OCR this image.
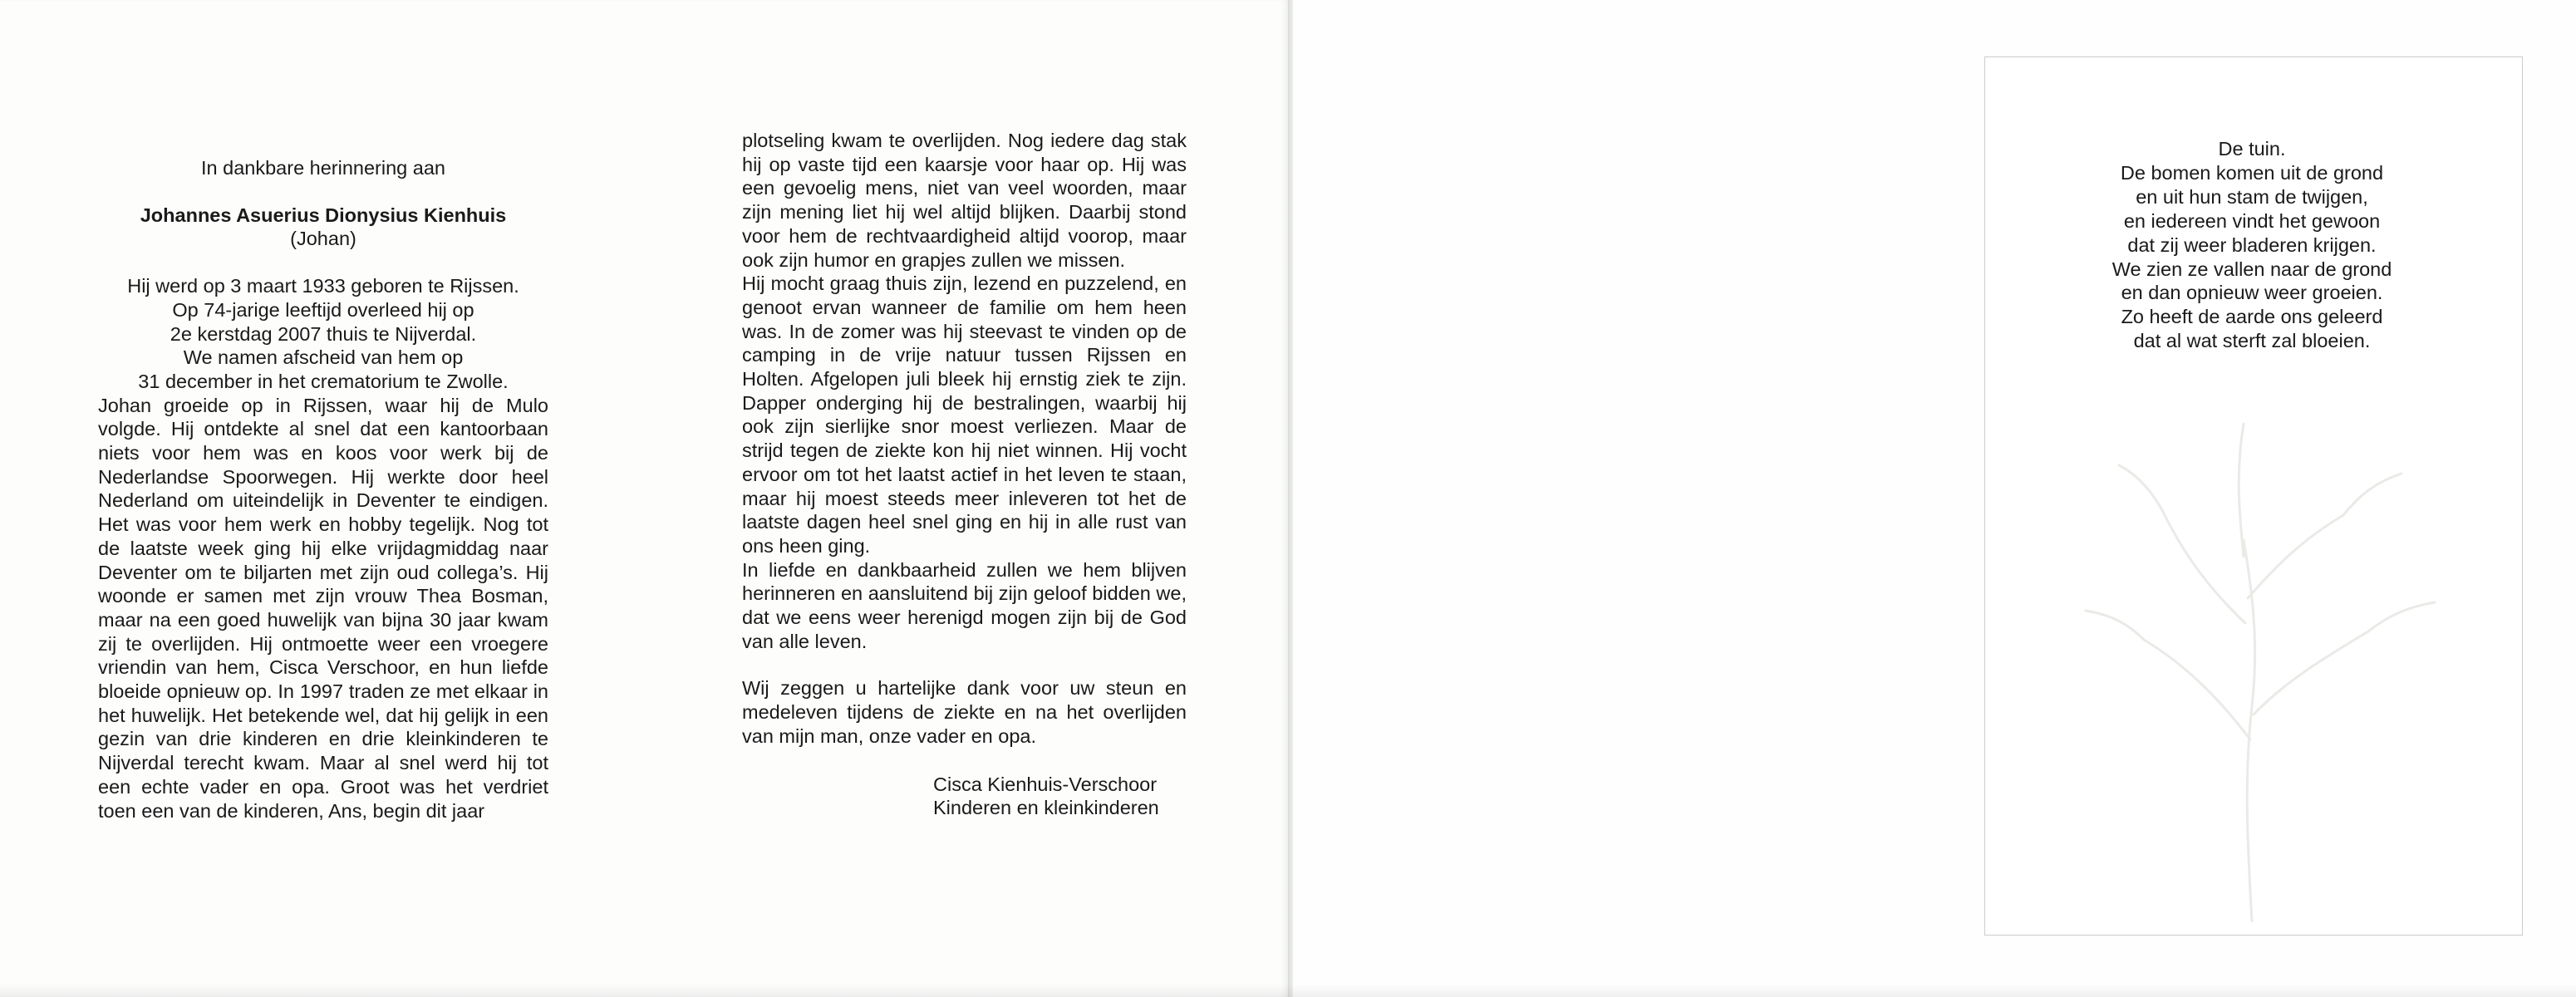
In dankbare herinnering aan
Johannes Asuerius Dionysius Kienhuis
(Johan)
Hij werd op 3 maart 1933 geboren te Rijssen.
Op 74-jarige leeftijd overleed hij op
2e kerstdag 2007 thuis te Nijverdal.
We namen afscheid van hem op
31 december in het crematorium te Zwolle.
Johan groeide op in Rijssen, waar hij de Mulo volgde. Hij ontdekte al snel dat een kantoorbaan niets voor hem was en koos voor werk bij de Nederlandse Spoorwegen. Hij werkte door heel Nederland om uiteindelijk in Deventer te eindigen. Het was voor hem werk en hobby tegelijk. Nog tot de laatste week ging hij elke vrijdagmiddag naar Deventer om te biljarten met zijn oud collega’s. Hij woonde er samen met zijn vrouw Thea Bosman, maar na een goed huwelijk van bijna 30 jaar kwam zij te overlijden. Hij ontmoette weer een vroegere vriendin van hem, Cisca Verschoor, en hun liefde bloeide opnieuw op. In 1997 traden ze met elkaar in het huwelijk. Het betekende wel, dat hij gelijk in een gezin van drie kinderen en drie kleinkinderen te Nijverdal terecht kwam. Maar al snel werd hij tot een echte vader en opa. Groot was het verdriet toen een van de kinderen, Ans, begin dit jaar
plotseling kwam te overlijden. Nog iedere dag stak hij op vaste tijd een kaarsje voor haar op. Hij was een gevoelig mens, niet van veel woorden, maar zijn mening liet hij wel altijd blijken. Daarbij stond voor hem de rechtvaardigheid altijd voorop, maar ook zijn humor en grapjes zullen we missen.
Hij mocht graag thuis zijn, lezend en puzzelend, en genoot ervan wanneer de familie om hem heen was. In de zomer was hij steevast te vinden op de camping in de vrije natuur tussen Rijssen en Holten. Afgelopen juli bleek hij ernstig ziek te zijn. Dapper onderging hij de bestralingen, waarbij hij ook zijn sierlijke snor moest verliezen. Maar de strijd tegen de ziekte kon hij niet winnen. Hij vocht ervoor om tot het laatst actief in het leven te staan, maar hij moest steeds meer inleveren tot het de laatste dagen heel snel ging en hij in alle rust van ons heen ging.
In liefde en dankbaarheid zullen we hem blijven herinneren en aansluitend bij zijn geloof bidden we, dat we eens weer herenigd mogen zijn bij de God van alle leven.
Wij zeggen u hartelijke dank voor uw steun en medeleven tijdens de ziekte en na het overlijden van mijn man, onze vader en opa.
Cisca Kienhuis-Verschoor
Kinderen en kleinkinderen
De tuin.
De bomen komen uit de grond
en uit hun stam de twijgen,
en iedereen vindt het gewoon
dat zij weer bladeren krijgen.
We zien ze vallen naar de grond
en dan opnieuw weer groeien.
Zo heeft de aarde ons geleerd
dat al wat sterft zal bloeien.
